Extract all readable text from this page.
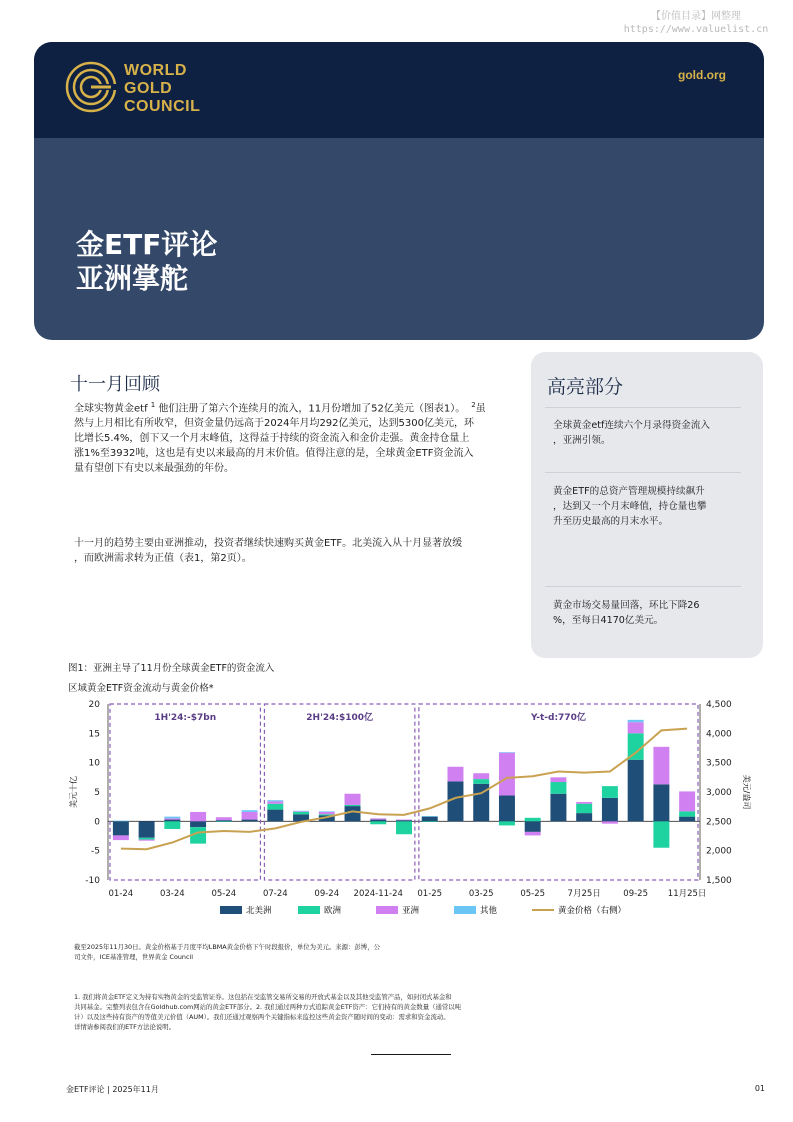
【价值目录】网整理
https://www.valuelist.cn
WORLD
GOLD
COUNCIL
gold.org
金ETF评论
亚洲掌舵
十一月回顾
全球实物黄金etf $^1$ 他们注册了第六个连续月的流入，11月份增加了52亿美元（图表1）。 $^2$虽
然与上月相比有所收窄，但资金量仍远高于2024年月均292亿美元，达到5300亿美元，环
比增长5.4%，创下又一个月末峰值，这得益于持续的资金流入和金价走强。黄金持仓量上
涨1%至3932吨，这也是有史以来最高的月末价值。值得注意的是，全球黄金ETF资金流入
量有望创下有史以来最强劲的年份。
十一月的趋势主要由亚洲推动，投资者继续快速购买黄金ETF。北美流入从十月显著放缓
，而欧洲需求转为正值（表1，第2页）。
高亮部分
全球黄金etf连续六个月录得资金流入
，亚洲引领。
黄金ETF的总资产管理规模持续飙升
，达到又一个月末峰值，持仓量也攀
升至历史最高的月末水平。
黄金市场交易量回落，环比下降26
%，至每日4170亿美元。
图1：亚洲主导了11月份全球黄金ETF的资金流入
区域黄金ETF资金流动与黄金价格*
-10
-5
0
5
10
15
20
1,500
2,000
2,500
3,000
3,500
4,000
4,500
美元十亿	美元/盎司
1H'24:-$7bn	2H'24:$100亿	Y-t-d:770亿
01-24	03-24	05-24	07-24	09-24 2024-11-24 01-25	03-25	05-25	7月25日	09-25 11月25日
北美洲	欧洲	亚洲	其他	黄金价格（右侧）
截至2025年11月30日。黄金价格基于月度平均LBMA黄金价格下午时段报价，单位为美元。来源：彭博，公
司文件，ICE基准管理，世界黄金 Council
1. 我们将黄金ETF定义为持有实物黄金的受监管证券。这包括在受监管交易所交易的开放式基金以及其他受监管产品，如封闭式基金和
共同基金。完整列表包含在Goldhub.com网站的黄金ETF部分。2. 我们通过两种方式追踪黄金ETF资产：它们持有的黄金数量（通常以吨
计）以及这些持有资产的等值美元价值（AUM）。我们还通过观察两个关键指标来监控这些黄金资产随时间的变动：需求和资金流动。
详情请参阅我们的ETF方法论说明。
金ETF评论 | 2025年11月	01
